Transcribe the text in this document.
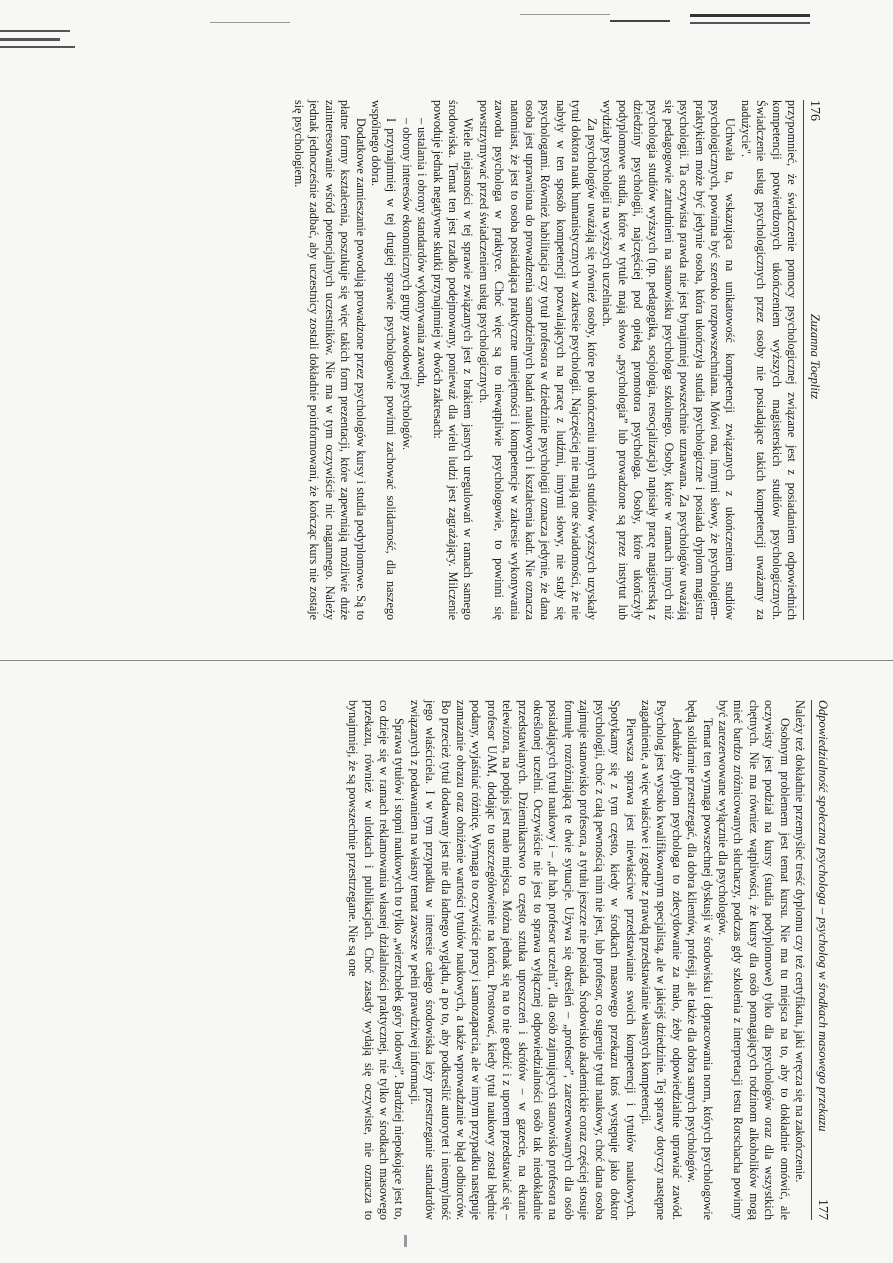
176
Zuzanna Toeplitz

przypomnieć, że świadczenie pomocy psychologicznej związane jest z posiadaniem odpowiednich kompetencji potwierdzonych ukończeniem wyższych magisterskich studiów psychologicznych. Świadczenie usług psychologicznych przez osoby nie posiadające takich kompetencji uważamy za nadużycie".

Uchwała ta, wskazująca na unikatowość kompetencji związanych z ukończeniem studiów psychologicznych, powinna być szeroko rozpowszechniana. Mówi ona, innymi słowy, że psychologiem-praktykiem może być jedynie osoba, która ukończyła studia psychologiczne i posiada dyplom magistra psychologii. Ta oczywista prawda nie jest bynajmniej powszechnie uznawana. Za psychologów uważają się pedagogowie zatrudnieni na stanowisku psychologa szkolnego. Osoby, które w ramach innych niż psychologia studiów wyższych (np. pedagogika, socjologia, resocjalizacja) napisały pracę magisterską z dziedziny psychologii, najczęściej pod opieką promotora psychologa. Osoby, które ukończyły podyplomowe studia, które w tytule mają słowo „psychologia” lub prowadzone są przez instytut lub wydziały psychologii na wyższych uczelniach.

Za psychologów uważają się również osoby, które po ukończeniu innych studiów wyższych uzyskały tytuł doktora nauk humanistycznych w zakresie psychologii. Najczęściej nie mają one świadomości, że nie nabyły w ten sposób kompetencji pozwalających na pracę z ludźmi, innymi słowy, nie stały się psychologami. Również habilitacja czy tytuł profesora w dziedzinie psychologii oznacza jedynie, że dana osoba jest uprawniona do prowadzenia samodzielnych badań naukowych i kształcenia kadr. Nie oznacza natomiast, że jest to osoba posiadająca praktyczne umiejętności i kompetencje w zakresie wykonywania zawodu psychologa w praktyce. Choć więc są to niewątpliwie psychologowie, to powinni się powstrzymywać przed świadczeniem usług psychologicznych.

Wiele niejasności w tej sprawie związanych jest z brakiem jasnych uregulowań w ramach samego środowiska. Temat ten jest rzadko podejmowany, ponieważ dla wielu ludzi jest zagrażający. Milczenie powoduje jednak negatywne skutki przynajmniej w dwóch zakresach:

– ustalania i obrony standardów wykonywania zawodu,

– obrony interesów ekonomicznych grupy zawodowej psychologów.

I przynajmniej w tej drugiej sprawie psychologowie powinni zachować solidarność, dla naszego wspólnego dobra.

Dodatkowe zamieszanie powodują prowadzone przez psychologów kursy i studia podyplomowe. Są to płatne formy kształcenia, poszukuje się więc takich form prezentacji, które zapewniają możliwie duże zainteresowanie wśród potencjalnych uczestników. Nie ma w tym oczywiście nic nagannego. Należy jednak jednocześnie zadbać, aby uczestnicy zostali dokładnie poinformowani, że kończąc kurs nie zostaje się psychologiem.

Odpowiedzialność społeczna psychologa – psycholog w środkach masowego przekazu
177

Należy też dokładnie przemyśleć treść dyplomu czy też certyfikatu, jaki wręcza się na zakończenie.

Osobnym problemem jest temat kursu. Nie ma tu miejsca na to, aby to dokładnie omówić, ale oczywisty jest podział na kursy (studia podyplomowe) tylko dla psychologów oraz dla wszystkich chętnych. Nie ma równiez wątpliwości, że kursy dla osób pomagających rodzinom alkoholików mogą mieć bardzo zróżnicowanych słuchaczy, podczas gdy szkolenia z interpretacji testu Rorschacha powinny być zarezerwowane wyłącznie dla psychologów.

Temat ten wymaga powszechnej dyskusji w środowisku i dopracowania norm, których psychologowie będą solidarnie przestrzegać, dla dobra klientów, profesji, ale także dla dobra samych psychologów.

Jednakże dyplom psychologa to zdecydowanie za mało, żeby odpowiedzialnie uprawiać zawód. Psycholog jest wysoko kwalifikowanym specjalistą, ale w jakiejś dziedzinie. Tej sprawy dotyczy następne zagadnienie, a więc właściwe i zgodne z prawdą przedstawianie własnych kompetencji.

Pierwsza sprawa jest niewłaściwe przedstawianie swoich kompetencji i tytułów naukowych. Spotykamy się z tym często, kiedy w środkach masowego przekazu ktoś występuje jako doktor psychologii, choć z całą pewnością nim nie jest, lub profesor, co sugeruje tytuł naukowy, choć dana osoba zajmuje stanowisko profesora, a tytułu jeszcze nie posiada. Środowisko akademickie coraz częściej stosuje formułę rozróżniającą te dwie sytuacje. Używa się określeń – „profesor”, zarezerwowanych dla osób posiadających tytuł naukowy i – „dr hab. profesor uczelni”, dla osób zajmujących stanowisko profesora na określonej uczelni. Oczywiście nie jest to sprawa wyłącznej odpowiedzialności osób tak niedokładnie przedstawianych. Dziennikarstwo to często sztuka uproszczeń i skrótów – w gazecie, na ekranie telewizora, na podpis jest mało miejsca. Można jednak się na to nie godzić i z uporem przedstawiać się – profesor UAM, dodając to uszczegółowienie na końcu. Prostować, kiedy tytuł naukowy został błędnie podany, wyjaśniać różnicę. Wymaga to oczywiście pracy i samozaparcia, ale w innym przypadku następuje zamazanie obrazu oraz obniżenie wartości tytułów naukowych, a także wprowadzanie w błąd odbiorców. Bo przecież tytuł dodawany jest nie dla ładnego wyglądu, a po to, aby podkreślić autorytet i nieomylność jego właściciela. I w tym przypadku w interesie całego środowiska leży przestrzeganie standardów związanych z podawaniem na własny temat zawsze w pełni prawdziwej informacji.

Sprawa tytułów i stopni naukowych to tylko „wierzchołek góry lodowej”. Bardziej niepokojące jest to, co dzieje się w ramach reklamowania własnej działalności praktycznej, nie tylko w środkach masowego przekazu, również w ulotkach i publikacjach. Choć zasady wydają się oczywiste, nie oznacza to bynajmniej, że są powszechnie przestrzegane. Nie są one
